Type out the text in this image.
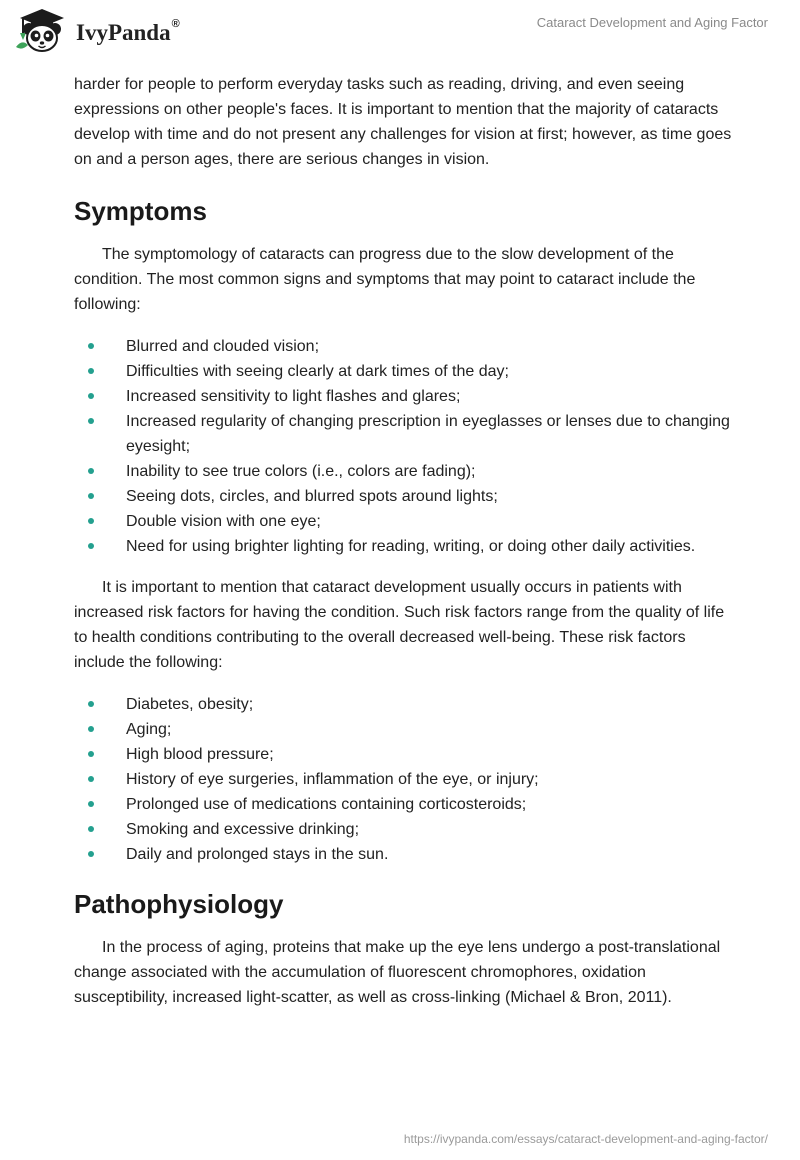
IvyPanda®	Cataract Development and Aging Factor

harder for people to perform everyday tasks such as reading, driving, and even seeing expressions on other people's faces. It is important to mention that the majority of cataracts develop with time and do not present any challenges for vision at first; however, as time goes on and a person ages, there are serious changes in vision.

Symptoms

The symptomology of cataracts can progress due to the slow development of the condition. The most common signs and symptoms that may point to cataract include the following:

Blurred and clouded vision;
Difficulties with seeing clearly at dark times of the day;
Increased sensitivity to light flashes and glares;
Increased regularity of changing prescription in eyeglasses or lenses due to changing eyesight;
Inability to see true colors (i.e., colors are fading);
Seeing dots, circles, and blurred spots around lights;
Double vision with one eye;
Need for using brighter lighting for reading, writing, or doing other daily activities.

It is important to mention that cataract development usually occurs in patients with increased risk factors for having the condition. Such risk factors range from the quality of life to health conditions contributing to the overall decreased well-being. These risk factors include the following:

Diabetes, obesity;
Aging;
High blood pressure;
History of eye surgeries, inflammation of the eye, or injury;
Prolonged use of medications containing corticosteroids;
Smoking and excessive drinking;
Daily and prolonged stays in the sun.
Pathophysiology

In the process of aging, proteins that make up the eye lens undergo a post-translational change associated with the accumulation of fluorescent chromophores, oxidation susceptibility, increased light-scatter, as well as cross-linking (Michael & Bron, 2011).

https://ivypanda.com/essays/cataract-development-and-aging-factor/
